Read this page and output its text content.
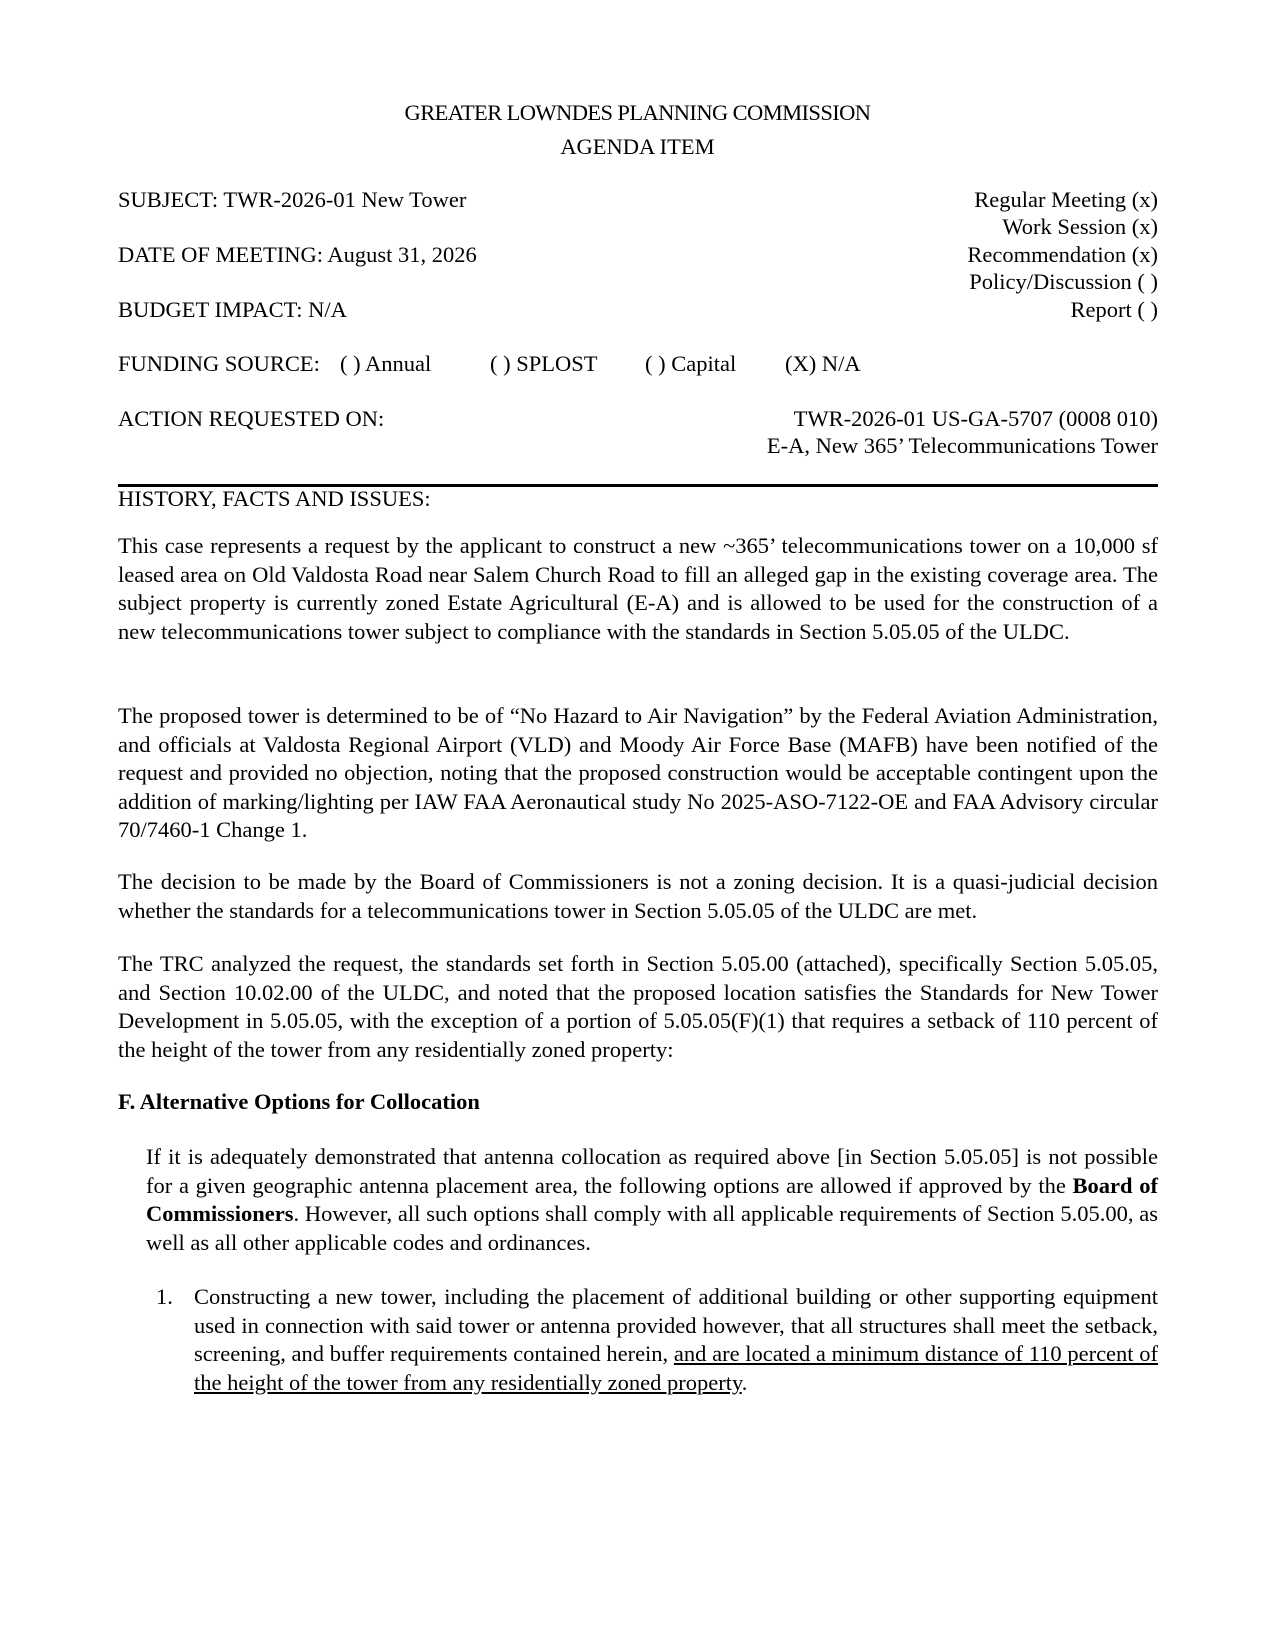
GREATER LOWNDES PLANNING COMMISSION
AGENDA ITEM
SUBJECT: TWR-2026-01 New Tower
DATE OF MEETING: August 31, 2026
BUDGET IMPACT: N/A
Regular Meeting (x)
Work Session (x)
Recommendation (x)
Policy/Discussion ( )
Report ( )
FUNDING SOURCE: ( ) Annual	( ) SPLOST ( ) Capital (X) N/A
ACTION REQUESTED ON:	TWR-2026-01 US-GA-5707 (0008 010)
E-A, New 365’ Telecommunications Tower
HISTORY, FACTS AND ISSUES:
This case represents a request by the applicant to construct a new ~365’ telecommunications tower on a 10,000 sf leased area on Old Valdosta Road near Salem Church Road to fill an alleged gap in the existing coverage area. The subject property is currently zoned Estate Agricultural (E-A) and is allowed to be used for the construction of a new telecommunications tower subject to compliance with the standards in Section 5.05.05 of the ULDC.
The proposed tower is determined to be of “No Hazard to Air Navigation” by the Federal Aviation Administration, and officials at Valdosta Regional Airport (VLD) and Moody Air Force Base (MAFB) have been notified of the request and provided no objection, noting that the proposed construction would be acceptable contingent upon the addition of marking/lighting per IAW FAA Aeronautical study No 2025-ASO-7122-OE and FAA Advisory circular 70/7460-1 Change 1.
The decision to be made by the Board of Commissioners is not a zoning decision. It is a quasi-judicial decision whether the standards for a telecommunications tower in Section 5.05.05 of the ULDC are met.
The TRC analyzed the request, the standards set forth in Section 5.05.00 (attached), specifically Section 5.05.05, and Section 10.02.00 of the ULDC, and noted that the proposed location satisfies the Standards for New Tower Development in 5.05.05, with the exception of a portion of 5.05.05(F)(1) that requires a setback of 110 percent of the height of the tower from any residentially zoned property:
F. Alternative Options for Collocation
If it is adequately demonstrated that antenna collocation as required above [in Section 5.05.05] is not possible for a given geographic antenna placement area, the following options are allowed if approved by the Board of Commissioners. However, all such options shall comply with all applicable requirements of Section 5.05.00, as well as all other applicable codes and ordinances.
1. Constructing a new tower, including the placement of additional building or other supporting equipment used in connection with said tower or antenna provided however, that all structures shall meet the setback, screening, and buffer requirements contained herein, and are located a minimum distance of 110 percent of the height of the tower from any residentially zoned property.
